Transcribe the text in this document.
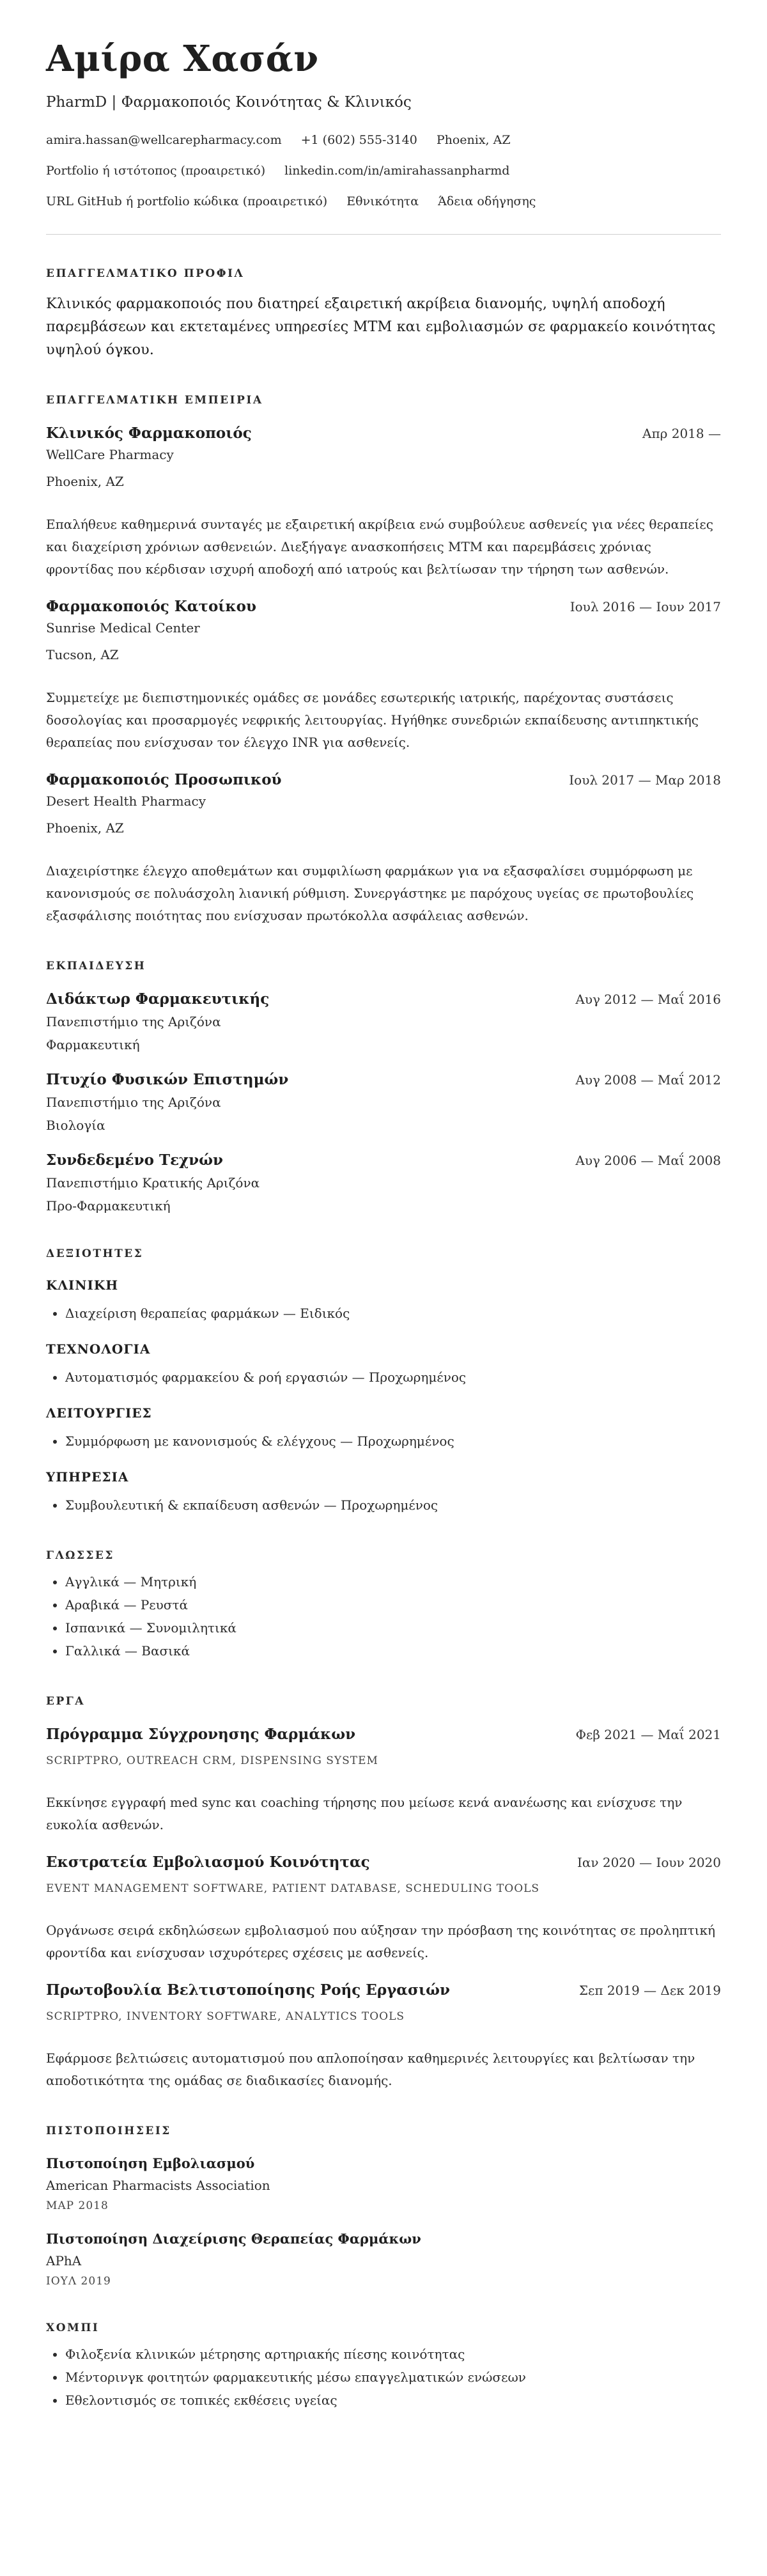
Αμίρα Χασάν
PharmD | Φαρμακοποιός Κοινότητας & Κλινικός
amira.hassan@wellcarepharmacy.com +1 (602) 555-3140 Phoenix, AZ
Portfolio ή ιστότοπος (προαιρετικό) linkedin.com/in/amirahassanpharmd
URL GitHub ή portfolio κώδικα (προαιρετικό) Εθνικότητα Άδεια οδήγησης
ΕΠΑΓΓΕΛΜΑΤΙΚΟ ΠΡΟΦΙΛ
Κλινικός φαρμακοποιός που διατηρεί εξαιρετική ακρίβεια διανομής, υψηλή αποδοχή παρεμβάσεων και εκτεταμένες υπηρεσίες MTM και εμβολιασμών σε φαρμακείο κοινότητας υψηλού όγκου.
ΕΠΑΓΓΕΛΜΑΤΙΚΗ ΕΜΠΕΙΡΙΑ
Κλινικός Φαρμακοποιός	Απρ 2018 —
WellCare Pharmacy
Phoenix, AZ
Επαλήθευε καθημερινά συνταγές με εξαιρετική ακρίβεια ενώ συμβούλευε ασθενείς για νέες θεραπείες και διαχείριση χρόνιων ασθενειών. Διεξήγαγε ανασκοπήσεις MTM και παρεμβάσεις χρόνιας φροντίδας που κέρδισαν ισχυρή αποδοχή από ιατρούς και βελτίωσαν την τήρηση των ασθενών.
Φαρμακοποιός Κατοίκου	Ιουλ 2016 — Ιουν 2017
Sunrise Medical Center
Tucson, AZ
Συμμετείχε με διεπιστημονικές ομάδες σε μονάδες εσωτερικής ιατρικής, παρέχοντας συστάσεις δοσολογίας και προσαρμογές νεφρικής λειτουργίας. Ηγήθηκε συνεδριών εκπαίδευσης αντιπηκτικής θεραπείας που ενίσχυσαν τον έλεγχο INR για ασθενείς.
Φαρμακοποιός Προσωπικού	Ιουλ 2017 — Μαρ 2018
Desert Health Pharmacy
Phoenix, AZ
Διαχειρίστηκε έλεγχο αποθεμάτων και συμφιλίωση φαρμάκων για να εξασφαλίσει συμμόρφωση με κανονισμούς σε πολυάσχολη λιανική ρύθμιση. Συνεργάστηκε με παρόχους υγείας σε πρωτοβουλίες εξασφάλισης ποιότητας που ενίσχυσαν πρωτόκολλα ασφάλειας ασθενών.
ΕΚΠΑΙΔΕΥΣΗ
Διδάκτωρ Φαρμακευτικής	Αυγ 2012 — Μαΐ 2016
Πανεπιστήμιο της Αριζόνα
Φαρμακευτική
Πτυχίο Φυσικών Επιστημών	Αυγ 2008 — Μαΐ 2012
Πανεπιστήμιο της Αριζόνα
Βιολογία
Συνδεδεμένο Τεχνών	Αυγ 2006 — Μαΐ 2008
Πανεπιστήμιο Κρατικής Αριζόνα
Προ-Φαρμακευτική
ΔΕΞΙΟΤΗΤΕΣ
ΚΛΙΝΙΚΗ
• Διαχείριση θεραπείας φαρμάκων — Ειδικός
ΤΕΧΝΟΛΟΓΙΑ
• Αυτοματισμός φαρμακείου & ροή εργασιών — Προχωρημένος
ΛΕΙΤΟΥΡΓΙΕΣ
• Συμμόρφωση με κανονισμούς & ελέγχους — Προχωρημένος
ΥΠΗΡΕΣΙΑ
• Συμβουλευτική & εκπαίδευση ασθενών — Προχωρημένος
ΓΛΩΣΣΕΣ
• Αγγλικά — Μητρική
• Αραβικά — Ρευστά
• Ισπανικά — Συνομιλητικά
• Γαλλικά — Βασικά
ΕΡΓΑ
Πρόγραμμα Σύγχρονησης Φαρμάκων	Φεβ 2021 — Μαΐ 2021
SCRIPTPRO, OUTREACH CRM, DISPENSING SYSTEM
Εκκίνησε εγγραφή med sync και coaching τήρησης που μείωσε κενά ανανέωσης και ενίσχυσε την ευκολία ασθενών.
Εκστρατεία Εμβολιασμού Κοινότητας	Ιαν 2020 — Ιουν 2020
EVENT MANAGEMENT SOFTWARE, PATIENT DATABASE, SCHEDULING TOOLS
Οργάνωσε σειρά εκδηλώσεων εμβολιασμού που αύξησαν την πρόσβαση της κοινότητας σε προληπτική φροντίδα και ενίσχυσαν ισχυρότερες σχέσεις με ασθενείς.
Πρωτοβουλία Βελτιστοποίησης Ροής Εργασιών	Σεπ 2019 — Δεκ 2019
SCRIPTPRO, INVENTORY SOFTWARE, ANALYTICS TOOLS
Εφάρμοσε βελτιώσεις αυτοματισμού που απλοποίησαν καθημερινές λειτουργίες και βελτίωσαν την αποδοτικότητα της ομάδας σε διαδικασίες διανομής.
ΠΙΣΤΟΠΟΙΗΣΕΙΣ
Πιστοποίηση Εμβολιασμού
American Pharmacists Association
ΜΑΡ 2018
Πιστοποίηση Διαχείρισης Θεραπείας Φαρμάκων
APhA
ΙΟΥΛ 2019
ΧΟΜΠΙ
• Φιλοξενία κλινικών μέτρησης αρτηριακής πίεσης κοινότητας
• Μέντορινγκ φοιτητών φαρμακευτικής μέσω επαγγελματικών ενώσεων
• Εθελοντισμός σε τοπικές εκθέσεις υγείας
